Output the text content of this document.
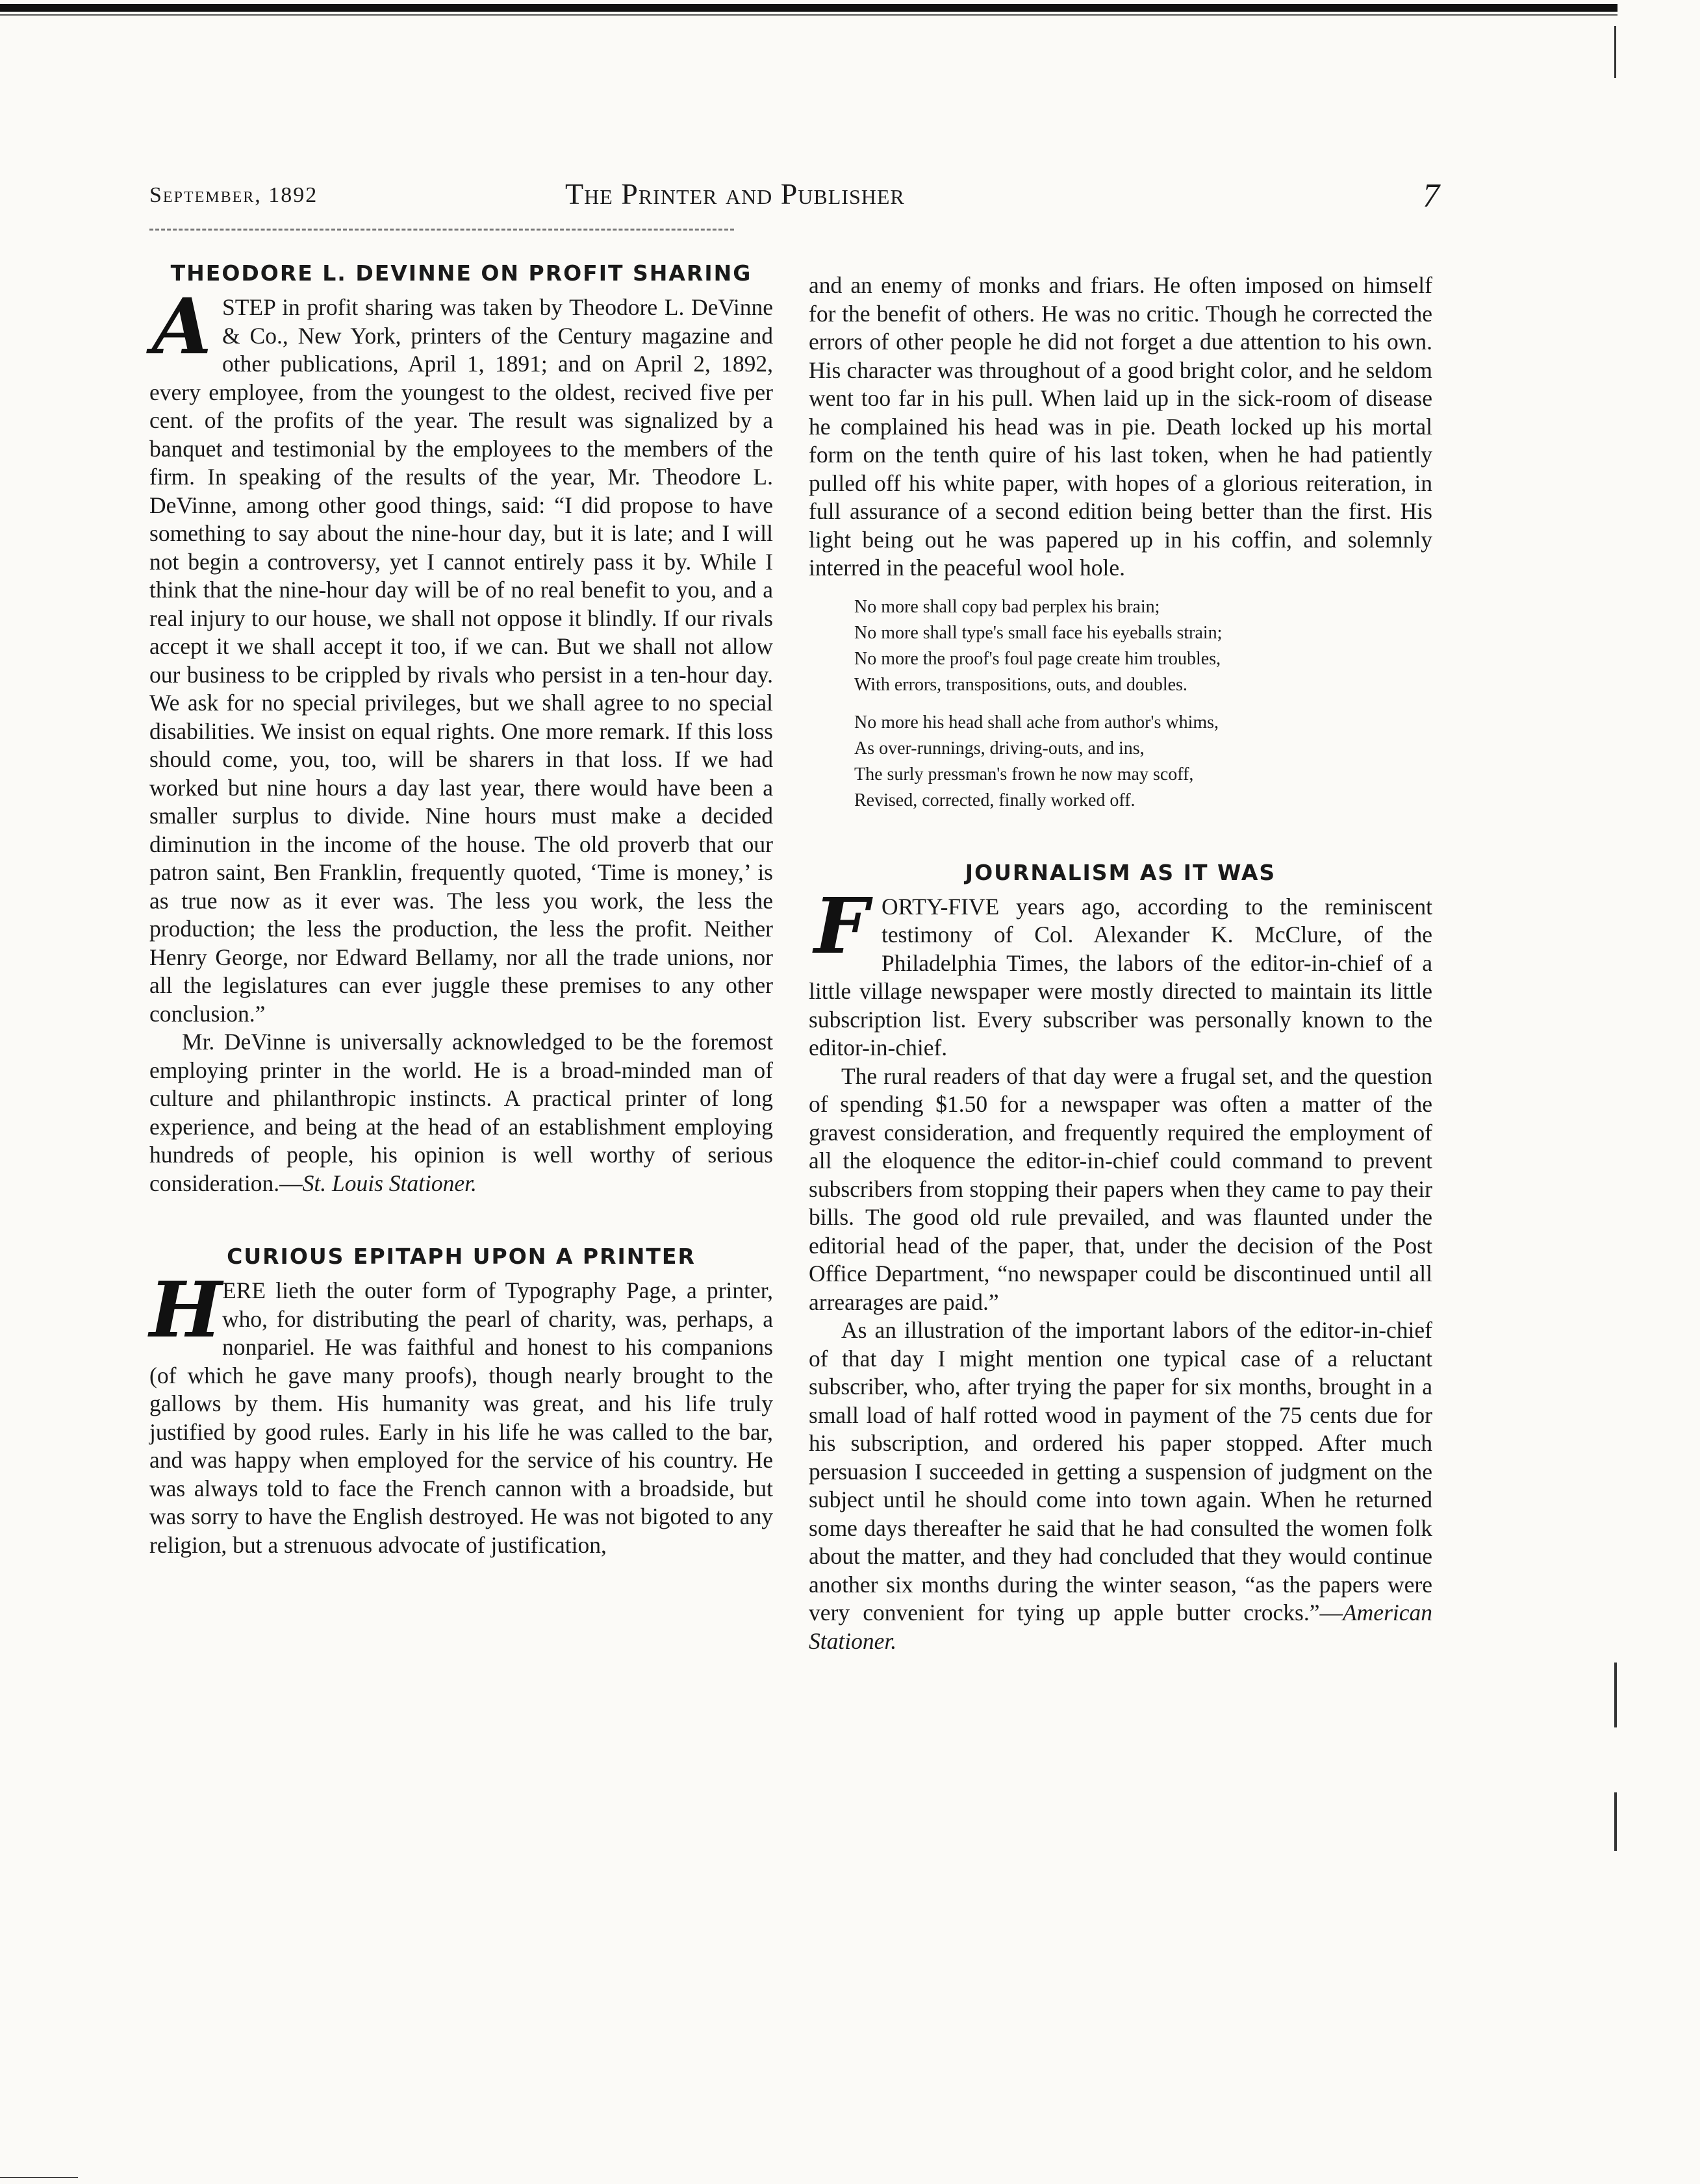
September, 1892	The Printer and Publisher	7
THEODORE L. DEVINNE ON PROFIT SHARING

ASTEP in profit sharing was taken by Theodore L. DeVinne & Co., New York, printers of the Century magazine and other publications, April 1, 1891; and on April 2, 1892, every employee, from the youngest to the oldest, recived five per cent. of the profits of the year. The result was signalized by a banquet and testimonial by the employees to the members of the firm. In speaking of the results of the year, Mr. Theodore L. DeVinne, among other good things, said: “I did propose to have something to say about the nine-hour day, but it is late; and I will not begin a controversy, yet I cannot entirely pass it by. While I think that the nine-hour day will be of no real benefit to you, and a real injury to our house, we shall not oppose it blindly. If our rivals accept it we shall accept it too, if we can. But we shall not allow our business to be crippled by rivals who persist in a ten-hour day. We ask for no special privileges, but we shall agree to no special disabilities. We insist on equal rights. One more remark. If this loss should come, you, too, will be sharers in that loss. If we had worked but nine hours a day last year, there would have been a smaller surplus to divide. Nine hours must make a decided diminution in the income of the house. The old proverb that our patron saint, Ben Franklin, frequently quoted, ‘Time is money,’ is as true now as it ever was. The less you work, the less the production; the less the production, the less the profit. Neither Henry George, nor Edward Bellamy, nor all the trade unions, nor all the legislatures can ever juggle these premises to any other conclusion.”

Mr. DeVinne is universally acknowledged to be the foremost employing printer in the world. He is a broad-minded man of culture and philanthropic instincts. A practical printer of long experience, and being at the head of an establishment employing hundreds of people, his opinion is well worthy of serious consideration.—St. Louis Stationer.

CURIOUS EPITAPH UPON A PRINTER

HERE lieth the outer form of Typography Page, a printer, who, for distributing the pearl of charity, was, perhaps, a nonpariel. He was faithful and honest to his companions (of which he gave many proofs), though nearly brought to the gallows by them. His humanity was great, and his life truly justified by good rules. Early in his life he was called to the bar, and was happy when employed for the service of his country. He was always told to face the French cannon with a broadside, but was sorry to have the English destroyed. He was not bigoted to any religion, but a strenuous advocate of justification,

and an enemy of monks and friars. He often imposed on himself for the benefit of others. He was no critic. Though he corrected the errors of other people he did not forget a due attention to his own. His character was throughout of a good bright color, and he seldom went too far in his pull. When laid up in the sick-room of disease he complained his head was in pie. Death locked up his mortal form on the tenth quire of his last token, when he had patiently pulled off his white paper, with hopes of a glorious reiteration, in full assurance of a second edition being better than the first. His light being out he was papered up in his coffin, and solemnly interred in the peaceful wool hole.

No more shall copy bad perplex his brain;
No more shall type's small face his eyeballs strain;
No more the proof's foul page create him troubles,
With errors, transpositions, outs, and doubles.
No more his head shall ache from author's whims,
As over-runnings, driving-outs, and ins,
The surly pressman's frown he now may scoff,
Revised, corrected, finally worked off.
JOURNALISM AS IT WAS

FORTY-FIVE years ago, according to the reminiscent testimony of Col. Alexander K. McClure, of the Philadelphia Times, the labors of the editor-in-chief of a little village newspaper were mostly directed to maintain its little subscription list. Every subscriber was personally known to the editor-in-chief.

The rural readers of that day were a frugal set, and the question of spending $1.50 for a newspaper was often a matter of the gravest consideration, and frequently required the employment of all the eloquence the editor-in-chief could command to prevent subscribers from stopping their papers when they came to pay their bills. The good old rule prevailed, and was flaunted under the editorial head of the paper, that, under the decision of the Post Office Department, “no newspaper could be discontinued until all arrearages are paid.”

As an illustration of the important labors of the editor-in-chief of that day I might mention one typical case of a reluctant subscriber, who, after trying the paper for six months, brought in a small load of half rotted wood in payment of the 75 cents due for his subscription, and ordered his paper stopped. After much persuasion I succeeded in getting a suspension of judgment on the subject until he should come into town again. When he returned some days thereafter he said that he had consulted the women folk about the matter, and they had concluded that they would continue another six months during the winter season, “as the papers were very convenient for tying up apple butter crocks.”—American Stationer.
